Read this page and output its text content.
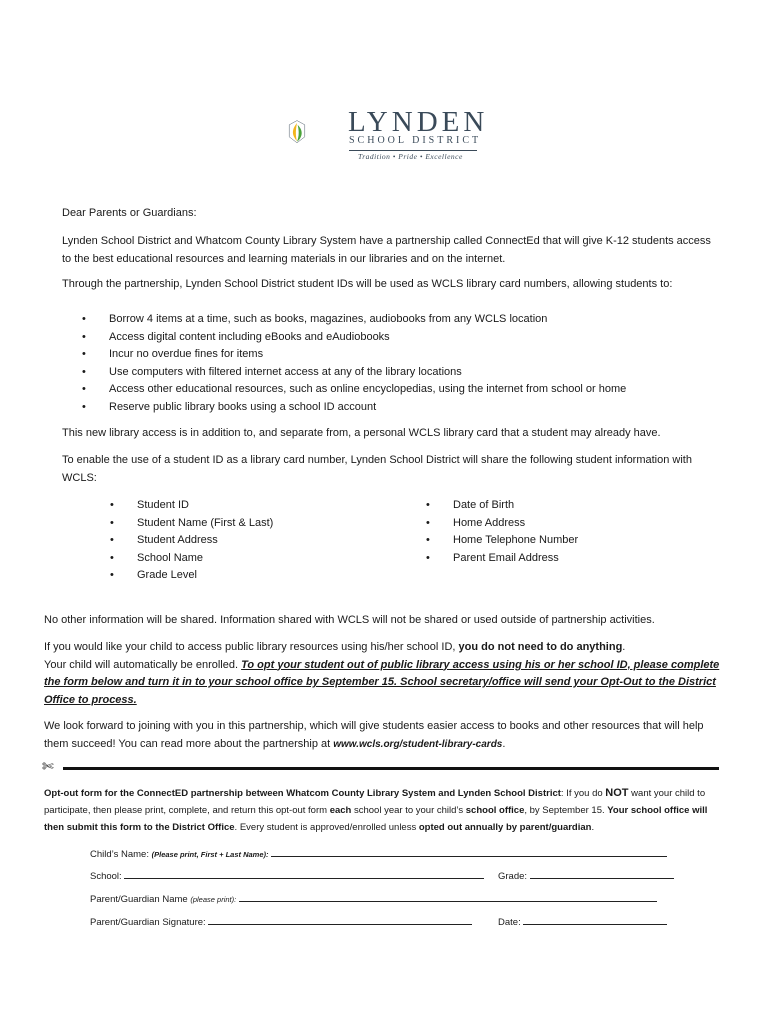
LYNDEN
SCHOOL DISTRICT
Tradition • Pride • Excellence

Dear Parents or Guardians:

Lynden School District and Whatcom County Library System have a partnership called ConnectEd that will give K-12 students access to the best educational resources and learning materials in our libraries and on the internet.

Through the partnership, Lynden School District student IDs will be used as WCLS library card numbers, allowing students to:

• Borrow 4 items at a time, such as books, magazines, audiobooks from any WCLS location
• Access digital content including eBooks and eAudiobooks
• Incur no overdue fines for items
• Use computers with filtered internet access at any of the library locations
• Access other educational resources, such as online encyclopedias, using the internet from school or home
• Reserve public library books using a school ID account

This new library access is in addition to, and separate from, a personal WCLS library card that a student may already have.

To enable the use of a student ID as a library card number, Lynden School District will share the following student information with WCLS:

• Student ID
• Student Name (First & Last)
• Student Address
• School Name
• Grade Level
• Date of Birth
• Home Address
• Home Telephone Number
• Parent Email Address

No other information will be shared. Information shared with WCLS will not be shared or used outside of partnership activities.

If you would like your child to access public library resources using his/her school ID, you do not need to do anything.
Your child will automatically be enrolled. To opt your student out of public library access using his or her school ID, please complete the form below and turn it in to your school office by September 15. School secretary/office will send your Opt-Out to the District Office to process.

We look forward to joining with you in this partnership, which will give students easier access to books and other resources that will help them succeed! You can read more about the partnership at www.wcls.org/student-library-cards.

✄

Opt-out form for the ConnectED partnership between Whatcom County Library System and Lynden School District: If you do NOT want your child to participate, then please print, complete, and return this opt-out form each school year to your child’s school office, by September 15. Your school office will then submit this form to the District Office. Every student is approved/enrolled unless opted out annually by parent/guardian.

Child’s Name: (Please print, First + Last Name):
School:	Grade:
Parent/Guardian Name (please print):
Parent/Guardian Signature:	Date:
